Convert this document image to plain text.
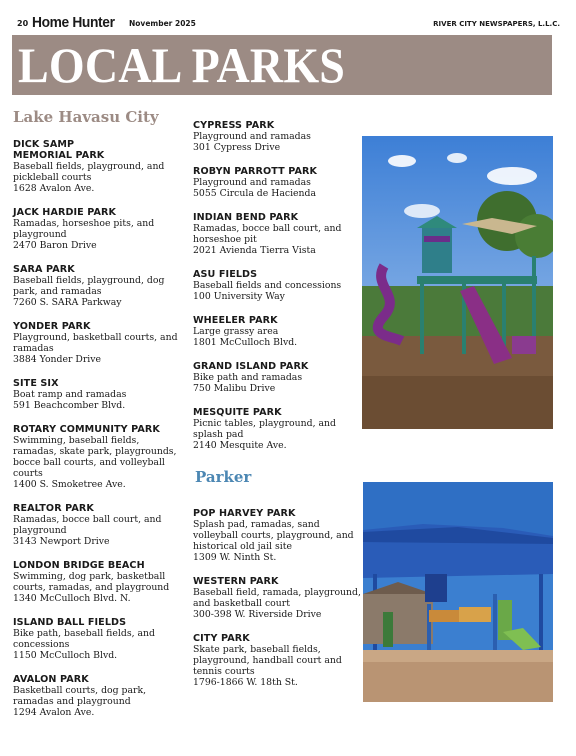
20 Home Hunter November 2025	RIVER CITY NEWSPAPERS, L.L.C.
LOCAL PARKS
Lake Havasu City
Parker
DICK SAMP MEMORIAL PARK
Baseball fields, playground, and pickleball courts
1628 Avalon Ave.
JACK HARDIE PARK
Ramadas, horseshoe pits, and playground
2470 Baron Drive
SARA PARK
Baseball fields, playground, dog park, and ramadas
7260 S. SARA Parkway
YONDER PARK
Playground, basketball courts, and ramadas
3884 Yonder Drive
SITE SIX
Boat ramp and ramadas
591 Beachcomber Blvd.
ROTARY COMMUNITY PARK
Swimming, baseball fields, ramadas, skate park, playgrounds, bocce ball courts, and volleyball courts
1400 S. Smoketree Ave.
REALTOR PARK
Ramadas, bocce ball court, and playground
3143 Newport Drive
LONDON BRIDGE BEACH
Swimming, dog park, basketball courts, ramadas, and playground
1340 McCulloch Blvd. N.
ISLAND BALL FIELDS
Bike path, baseball fields, and concessions
1150 McCulloch Blvd.
AVALON PARK
Basketball courts, dog park, ramadas and playground
1294 Avalon Ave.
CYPRESS PARK
Playground and ramadas
301 Cypress Drive
ROBYN PARROTT PARK
Playground and ramadas
5055 Circula de Hacienda
INDIAN BEND PARK
Ramadas, bocce ball court, and horseshoe pit
2021 Avienda Tierra Vista
ASU FIELDS
Baseball fields and concessions
100 University Way
WHEELER PARK
Large grassy area
1801 McCulloch Blvd.
GRAND ISLAND PARK
Bike path and ramadas
750 Malibu Drive
MESQUITE PARK
Picnic tables, playground, and splash pad
2140 Mesquite Ave.
POP HARVEY PARK
Splash pad, ramadas, sand volleyball courts, playground, and historical old jail site
1309 W. Ninth St.
WESTERN PARK
Baseball field, ramada, playground, and basketball court
300-398 W. Riverside Drive
CITY PARK
Skate park, baseball fields, playground, handball court and tennis courts
1796-1866 W. 18th St.
